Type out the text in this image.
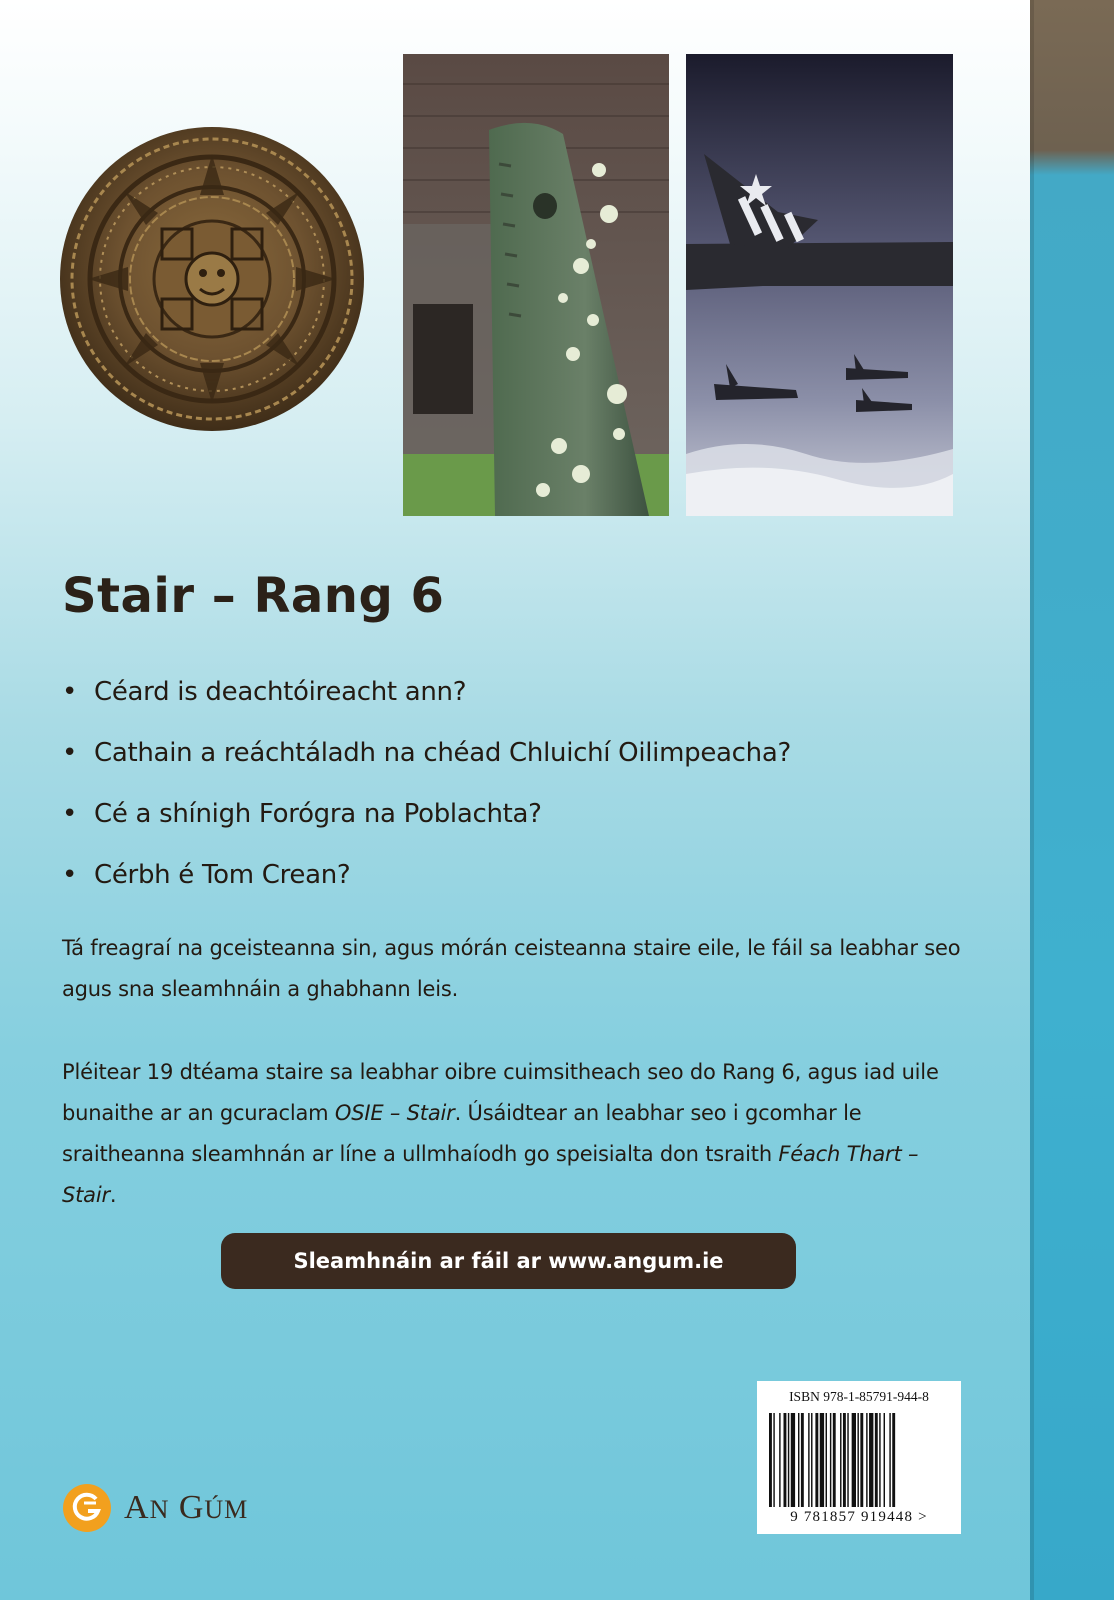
Stair – Rang 6
• Céard is deachtóireacht ann?
• Cathain a reáchtáladh na chéad Chluichí Oilimpeacha?
• Cé a shínigh Forógra na Poblachta?
• Cérbh é Tom Crean?

Tá freagraí na gceisteanna sin, agus mórán ceisteanna staire eile, le fáil sa leabhar seo agus sna sleamhnáin a ghabhann leis.

Pléitear 19 dtéama staire sa leabhar oibre cuimsitheach seo do Rang 6, agus iad uile bunaithe ar an gcuraclam OSIE – Stair. Úsáidtear an leabhar seo i gcomhar le sraitheanna sleamhnán ar líne a ullmhaíodh go speisialta don tsraith Féach Thart – Stair.

Sleamhnáin ar fáil ar www.angum.ie
ISBN 978-1-85791-944-8
9 781857 919448 >
AN GÚM
